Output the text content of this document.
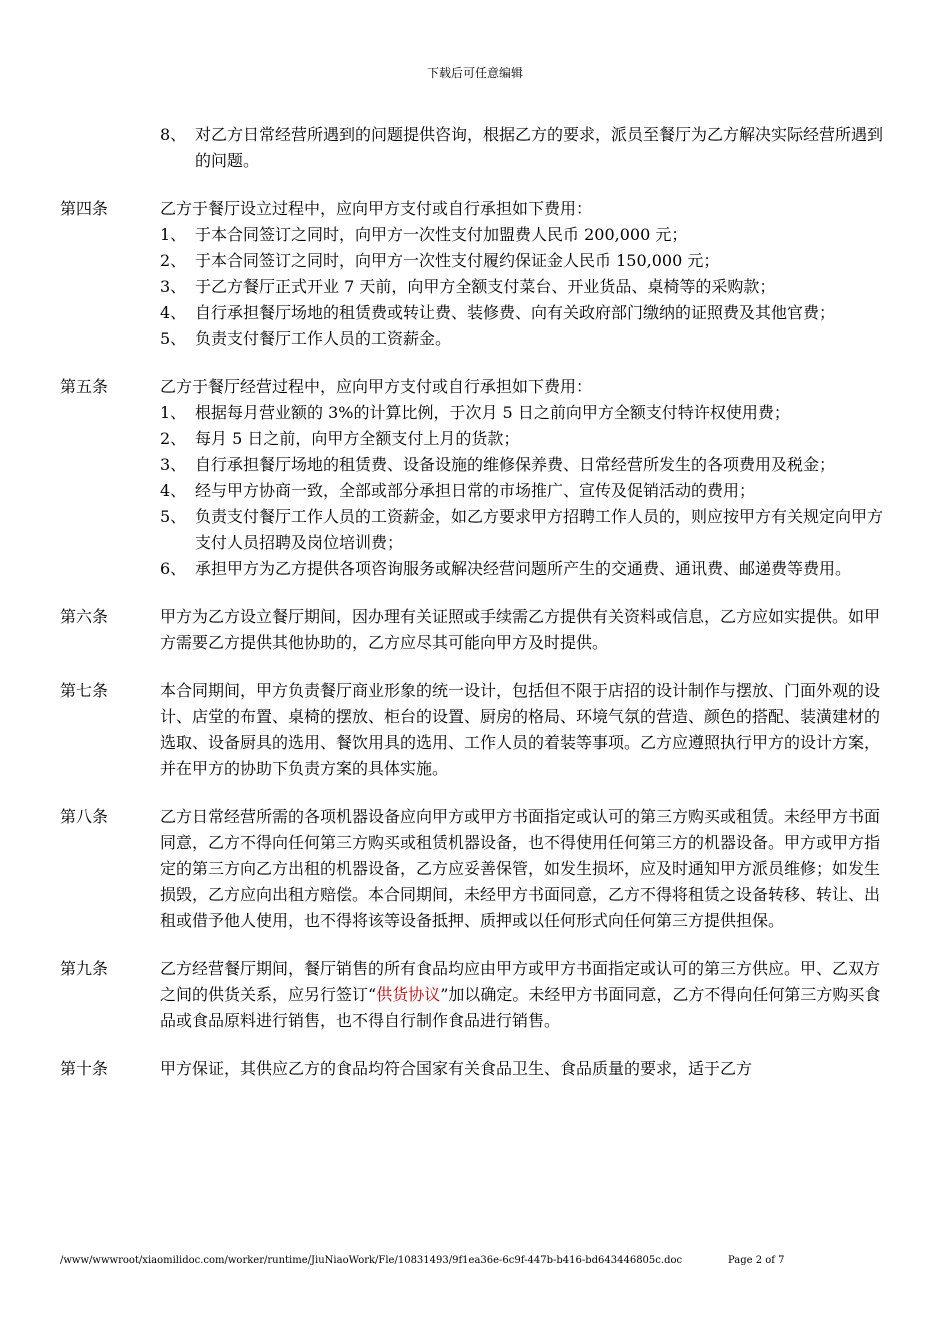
下载后可任意编辑
8、 对乙方日常经营所遇到的问题提供咨询，根据乙方的要求，派员至餐厅为乙方解决实际经营所遇到的问题。
第四条	乙方于餐厅设立过程中，应向甲方支付或自行承担如下费用：
1、 于本合同签订之同时，向甲方一次性支付加盟费人民币 200,000 元；
2、 于本合同签订之同时，向甲方一次性支付履约保证金人民币 150,000 元；
3、 于乙方餐厅正式开业 7 天前，向甲方全额支付菜台、开业货品、桌椅等的采购款；
4、 自行承担餐厅场地的租赁费或转让费、装修费、向有关政府部门缴纳的证照费及其他官费；
5、 负责支付餐厅工作人员的工资薪金。
第五条	乙方于餐厅经营过程中，应向甲方支付或自行承担如下费用：
1、 根据每月营业额的 3%的计算比例，于次月 5 日之前向甲方全额支付特许权使用费；
2、 每月 5 日之前，向甲方全额支付上月的货款；
3、 自行承担餐厅场地的租赁费、设备设施的维修保养费、日常经营所发生的各项费用及税金；
4、 经与甲方协商一致，全部或部分承担日常的市场推广、宣传及促销活动的费用；
5、 负责支付餐厅工作人员的工资薪金，如乙方要求甲方招聘工作人员的，则应按甲方有关规定向甲方支付人员招聘及岗位培训费；
6、 承担甲方为乙方提供各项咨询服务或解决经营问题所产生的交通费、通讯费、邮递费等费用。
第六条	甲方为乙方设立餐厅期间，因办理有关证照或手续需乙方提供有关资料或信息，乙方应如实提供。如甲方需要乙方提供其他协助的，乙方应尽其可能向甲方及时提供。
第七条	本合同期间，甲方负责餐厅商业形象的统一设计，包括但不限于店招的设计制作与摆放、门面外观的设计、店堂的布置、桌椅的摆放、柜台的设置、厨房的格局、环境气氛的营造、颜色的搭配、装潢建材的选取、设备厨具的选用、餐饮用具的选用、工作人员的着装等事项。乙方应遵照执行甲方的设计方案，并在甲方的协助下负责方案的具体实施。
第八条	乙方日常经营所需的各项机器设备应向甲方或甲方书面指定或认可的第三方购买或租赁。未经甲方书面同意，乙方不得向任何第三方购买或租赁机器设备，也不得使用任何第三方的机器设备。甲方或甲方指定的第三方向乙方出租的机器设备，乙方应妥善保管，如发生损坏，应及时通知甲方派员维修；如发生损毁，乙方应向出租方赔偿。本合同期间，未经甲方书面同意，乙方不得将租赁之设备转移、转让、出租或借予他人使用，也不得将该等设备抵押、质押或以任何形式向任何第三方提供担保。
第九条	乙方经营餐厅期间，餐厅销售的所有食品均应由甲方或甲方书面指定或认可的第三方供应。甲、乙双方之间的供货关系，应另行签订“供货协议”加以确定。未经甲方书面同意，乙方不得向任何第三方购买食品或食品原料进行销售，也不得自行制作食品进行销售。
第十条	甲方保证，其供应乙方的食品均符合国家有关食品卫生、食品质量的要求，适于乙方
/www/wwwroot/xiaomilidoc.com/worker/runtime/JiuNiaoWork/Fle/10831493/9f1ea36e-6c9f-447b-b416-bd643446805c.doc	Page 2 of 7
